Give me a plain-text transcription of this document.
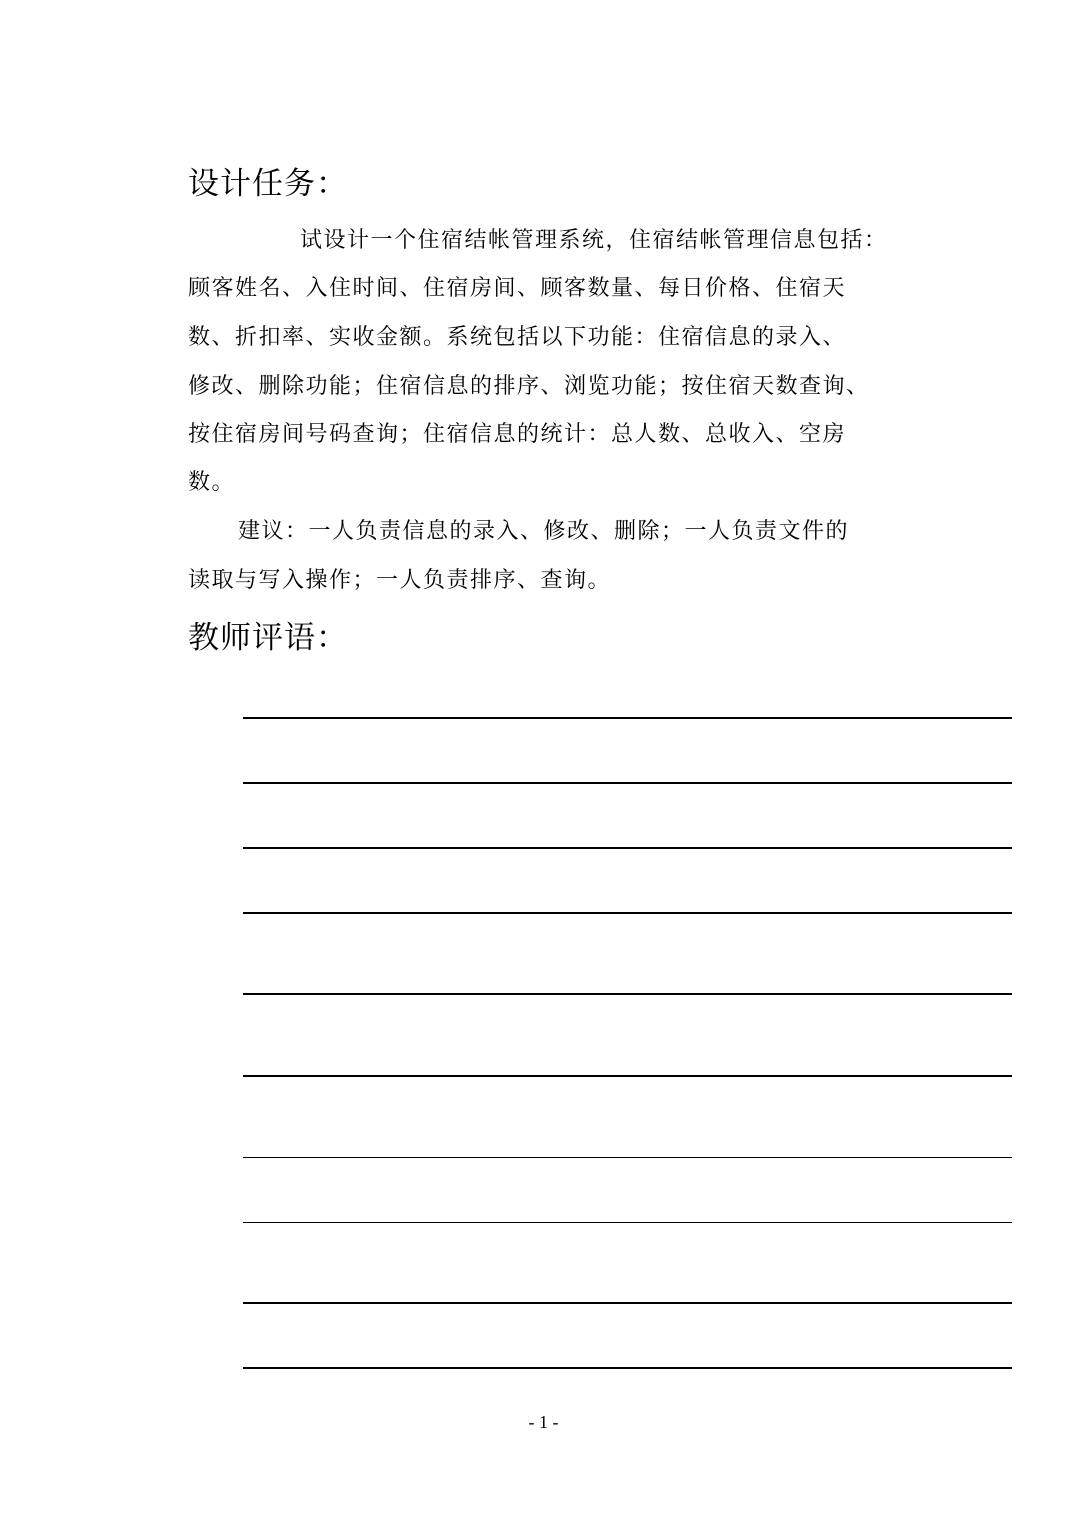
设计任务：

试设计一个住宿结帐管理系统，住宿结帐管理信息包括：

顾客姓名、入住时间、住宿房间、顾客数量、每日价格、住宿天

数、折扣率、实收金额。系统包括以下功能：住宿信息的录入、

修改、删除功能；住宿信息的排序、浏览功能；按住宿天数查询、

按住宿房间号码查询；住宿信息的统计：总人数、总收入、空房

数。

建议：一人负责信息的录入、修改、删除；一人负责文件的

读取与写入操作；一人负责排序、查询。

教师评语：

- 1 -
